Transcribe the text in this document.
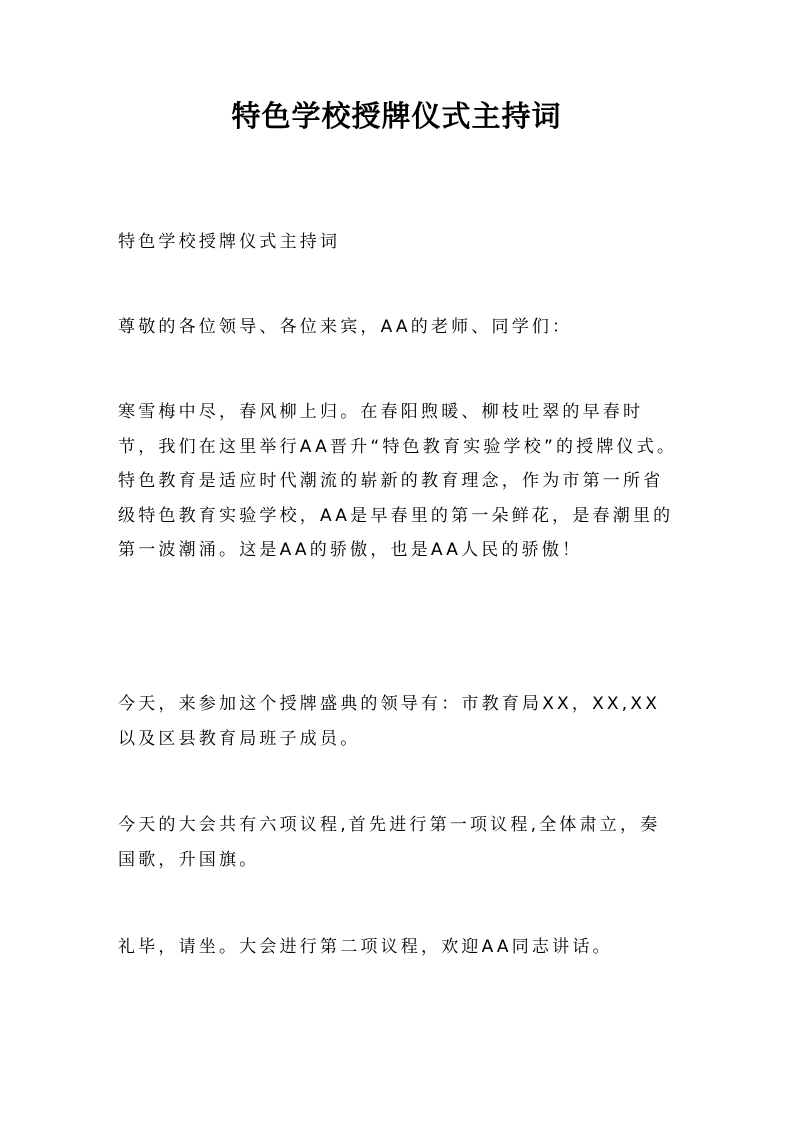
特色学校授牌仪式主持词

特色学校授牌仪式主持词

尊敬的各位领导、各位来宾，AA的老师、同学们：

寒雪梅中尽，春风柳上归。在春阳煦暖、柳枝吐翠的早春时节，我们在这里举行AA晋升“特色教育实验学校”的授牌仪式。特色教育是适应时代潮流的崭新的教育理念，作为市第一所省级特色教育实验学校，AA是早春里的第一朵鲜花，是春潮里的第一波潮涌。这是AA的骄傲，也是AA人民的骄傲！

今天，来参加这个授牌盛典的领导有：市教育局XX，XX,XX以及区县教育局班子成员。

今天的大会共有六项议程,首先进行第一项议程,全体肃立，奏国歌，升国旗。

礼毕，请坐。大会进行第二项议程，欢迎AA同志讲话。
